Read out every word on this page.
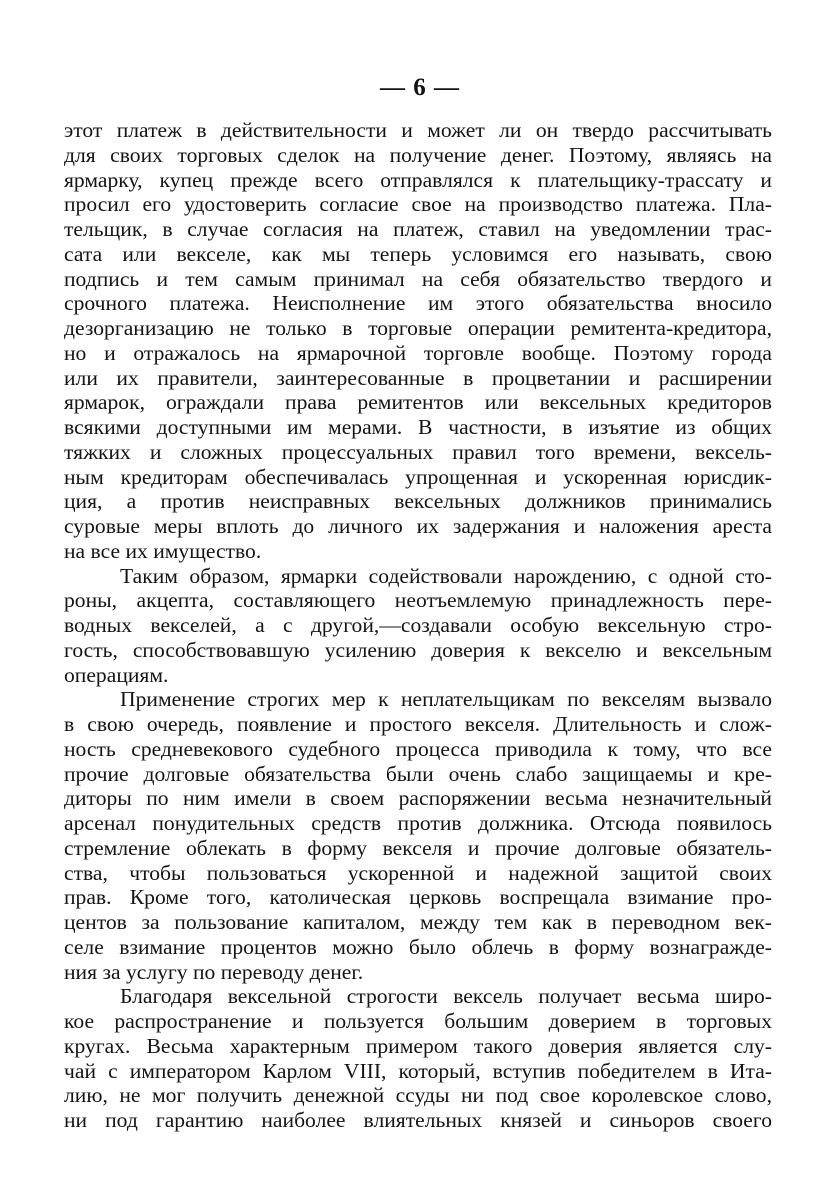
— 6 —

этот платеж в действительности и может ли он твердо рассчитывать
для своих торговых сделок на получение денег. Поэтому, являясь на
ярмарку, купец прежде всего отправлялся к плательщику-трассату и
просил его удостоверить согласие свое на производство платежа. Пла-
тельщик, в случае согласия на платеж, ставил на уведомлении трас-
сата или векселе, как мы теперь условимся его называть, свою
подпись и тем самым принимал на себя обязательство твердого и
срочного платежа. Неисполнение им этого обязательства вносило
дезорганизацию не только в торговые операции ремитента-кредитора,
но и отражалось на ярмарочной торговле вообще. Поэтому города
или их правители, заинтересованные в процветании и расширении
ярмарок, ограждали права ремитентов или вексельных кредиторов
всякими доступными им мерами. В частности, в изъятие из общих
тяжких и сложных процессуальных правил того времени, вексель-
ным кредиторам обеспечивалась упрощенная и ускоренная юрисдик-
ция, а против неисправных вексельных должников принимались
суровые меры вплоть до личного их задержания и наложения ареста
на все их имущество.

Таким образом, ярмарки содействовали нарождению, с одной сто-
роны, акцепта, составляющего неотъемлемую принадлежность пере-
водных векселей, а с другой,—создавали особую вексельную стро-
гость, способствовавшую усилению доверия к векселю и вексельным
операциям.

Применение строгих мер к неплательщикам по векселям вызвало
в свою очередь, появление и простого векселя. Длительность и слож-
ность средневекового судебного процесса приводила к тому, что все
прочие долговые обязательства были очень слабо защищаемы и кре-
диторы по ним имели в своем распоряжении весьма незначительный
арсенал понудительных средств против должника. Отсюда появилось
стремление облекать в форму векселя и прочие долговые обязатель-
ства, чтобы пользоваться ускоренной и надежной защитой своих
прав. Кроме того, католическая церковь воспрещала взимание про-
центов за пользование капиталом, между тем как в переводном век-
селе взимание процентов можно было облечь в форму вознагражде-
ния за услугу по переводу денег.

Благодаря вексельной строгости вексель получает весьма широ-
кое распространение и пользуется большим доверием в торговых
кругах. Весьма характерным примером такого доверия является слу-
чай с императором Карлом VIII, который, вступив победителем в Ита-
лию, не мог получить денежной ссуды ни под свое королевское слово,
ни под гарантию наиболее влиятельных князей и синьоров своего
